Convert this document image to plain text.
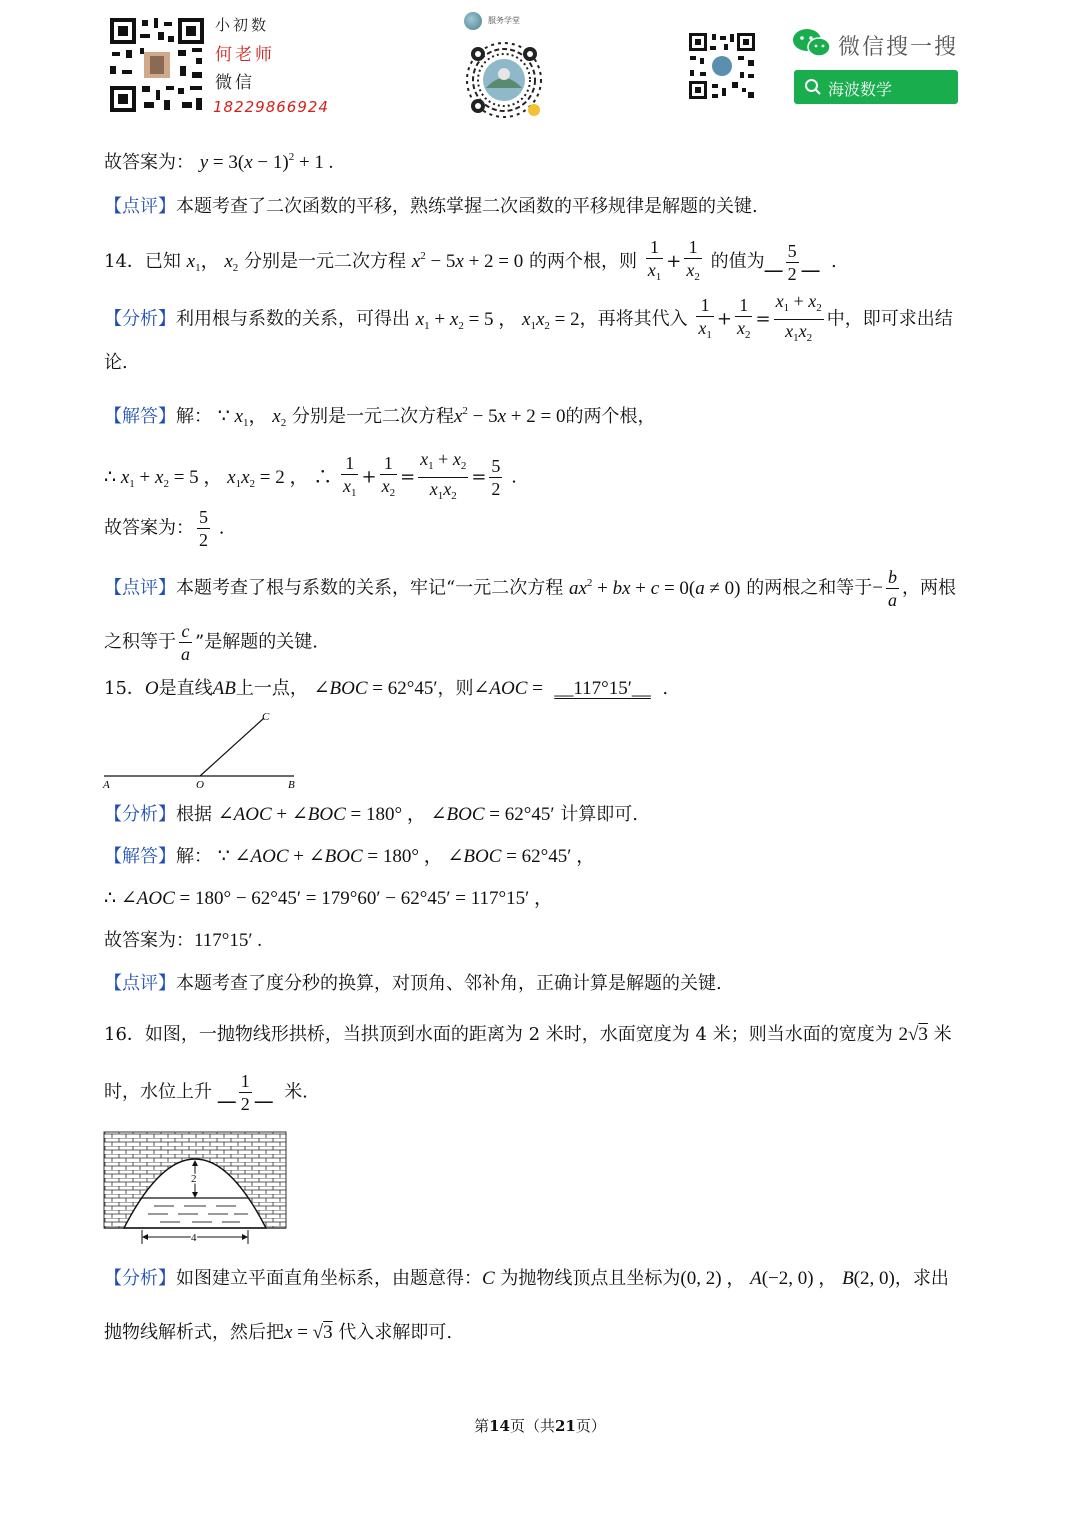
小初数
何老师
微信
18229866924
服务学堂
微信搜一搜
海波数学
故答案为： $y = 3(x - 1)^2 + 1$ .
【点评】本题考查了二次函数的平移，熟练掌握二次函数的平移规律是解题的关键.
14．已知 $x_1$， $x_2$ 分别是一元二次方程 $x^2 - 5x + 2 = 0$ 的两个根，则 $\frac{1}{x_1} + \frac{1}{x_2}$ 的值为__ $\frac{5}{2}$ __  .
【分析】利用根与系数的关系，可得出 $x_1 + x_2 = 5$ ， $x_1x_2 = 2$，再将其代入 $\frac{1}{x_1} + \frac{1}{x_2} = \frac{x_1 + x_2}{x_1x_2}$ 中，即可求出结
论.
【解答】解： ∵ $x_1$， $x_2$ 分别是一元二次方程$x^2 - 5x + 2 = 0$的两个根，
∴ $x_1 + x_2 = 5$ ， $x_1x_2 = 2$ ， ∴ $\frac{1}{x_1} + \frac{1}{x_2} = \frac{x_1 + x_2}{x_1x_2} = \frac{5}{2}$ .
故答案为： $\frac{5}{2}$ .
【点评】本题考查了根与系数的关系，牢记“一元二次方程 $ax^2$ + bx + c = 0(a ≠ 0) 的两根之和等于− $\frac{b}{a}$ ，两根
之积等于 $\frac{c}{a}$ ”是解题的关键.
15．O是直线AB上一点， ∠BOC = 62°45′，则∠AOC = __117°15′__  .
A	O	B
C
【分析】根据 ∠AOC + ∠BOC = 180° ， ∠BOC = 62°45′ 计算即可.
【解答】解： ∵ ∠AOC + ∠BOC = 180° ， ∠BOC = 62°45′ ，
∴ ∠AOC = 180° − 62°45′ = 179°60′ − 62°45′ = 117°15′ ，
故答案为：117°15′ .
【点评】本题考查了度分秒的换算，对顶角、邻补角，正确计算是解题的关键.
16．如图，一抛物线形拱桥，当拱顶到水面的距离为 2 米时，水面宽度为 4 米；则当水面的宽度为 2√3 米
时，水位上升 __ $\frac{1}{2}$ __ 米.
2
4
【分析】如图建立平面直角坐标系，由题意得：C 为抛物线顶点且坐标为(0, 2) ， A(−2, 0) ， B(2, 0)，求出
抛物线解析式，然后把x = √3 代入求解即可.
第14页（共21页）
